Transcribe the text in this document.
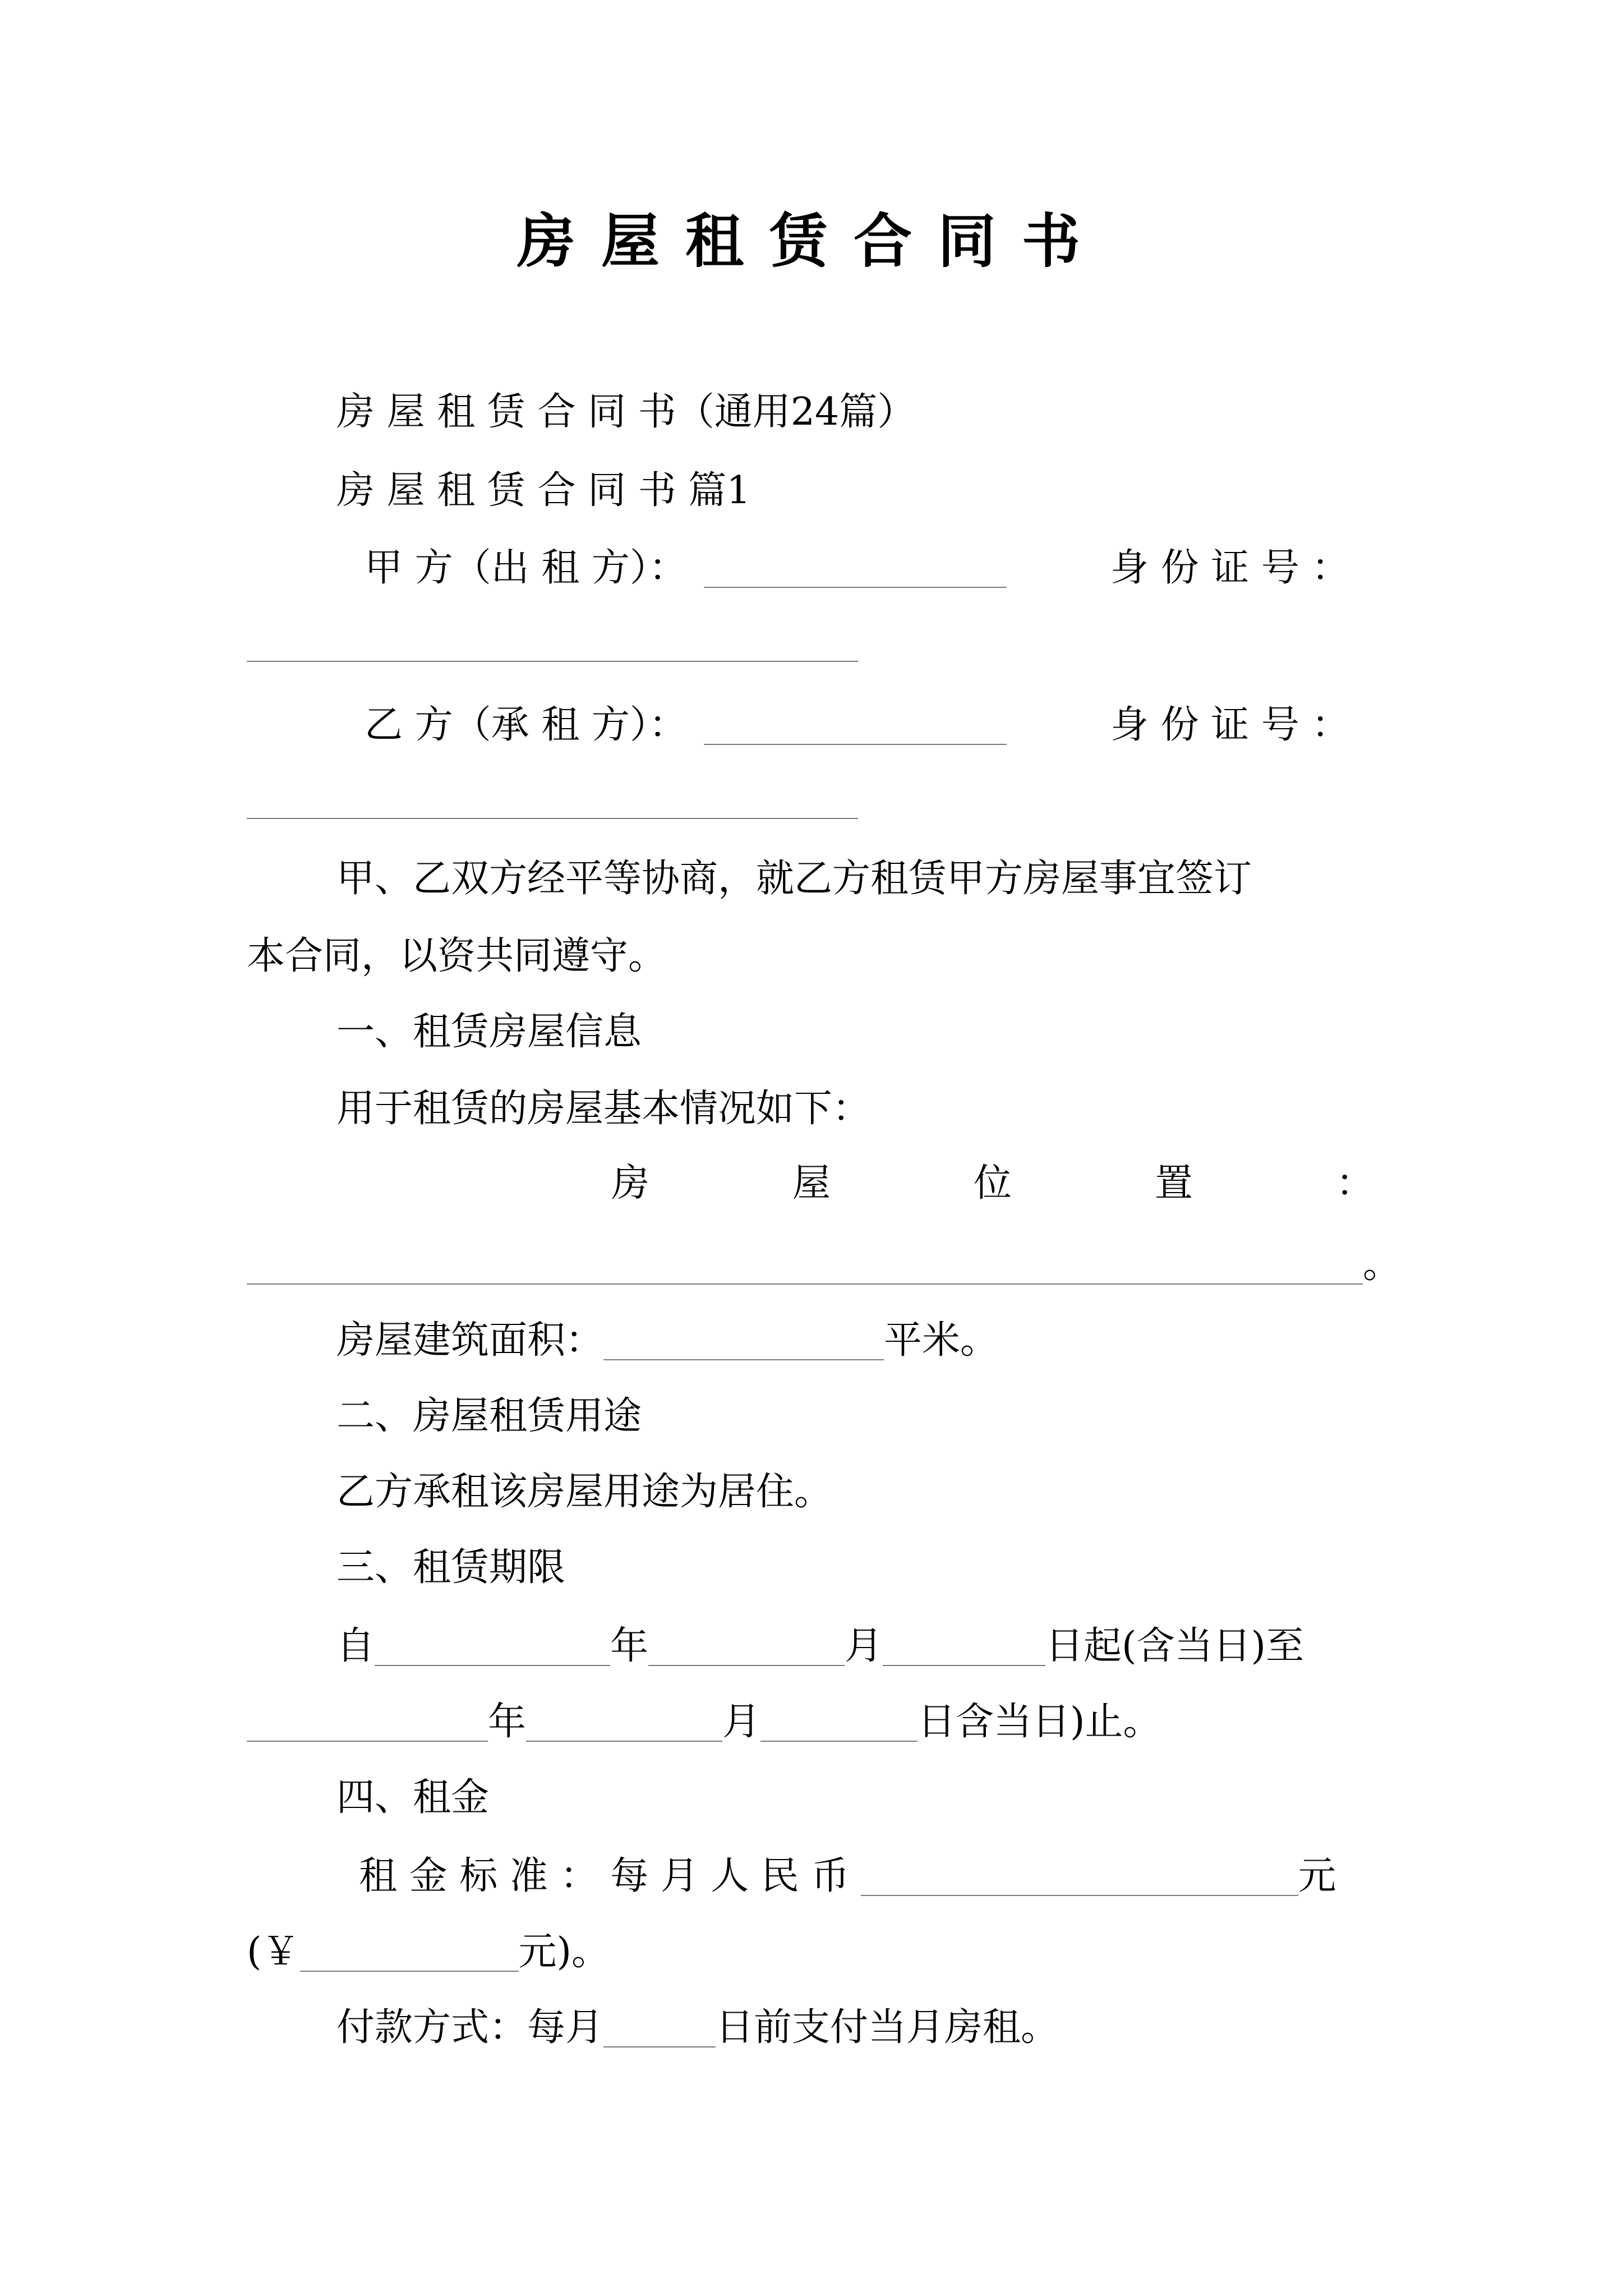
房屋租赁合同书
房 屋 租 赁 合 同 书（通用24篇）
房 屋 租 赁 合 同 书 篇1
甲 方（出 租 方）：	身 份 证 号 ：
乙 方（承 租 方）：	身 份 证 号 ：
甲、乙双方经平等协商，就乙方租赁甲方房屋事宜签订
本合同，以资共同遵守。
一、租赁房屋信息
用于租赁的房屋基本情况如下：
房	屋	位	置	：
。
房屋建筑面积：	平米。
二、房屋租赁用途
乙方承租该房屋用途为居住。
三、租赁期限
自	年	月	日起(含当日)至
年	月	日含当日)止。
四、租金
租 金 标 准 ： 每 月 人 民 币	元
(￥	元)。
付款方式：每月	日前支付当月房租。
